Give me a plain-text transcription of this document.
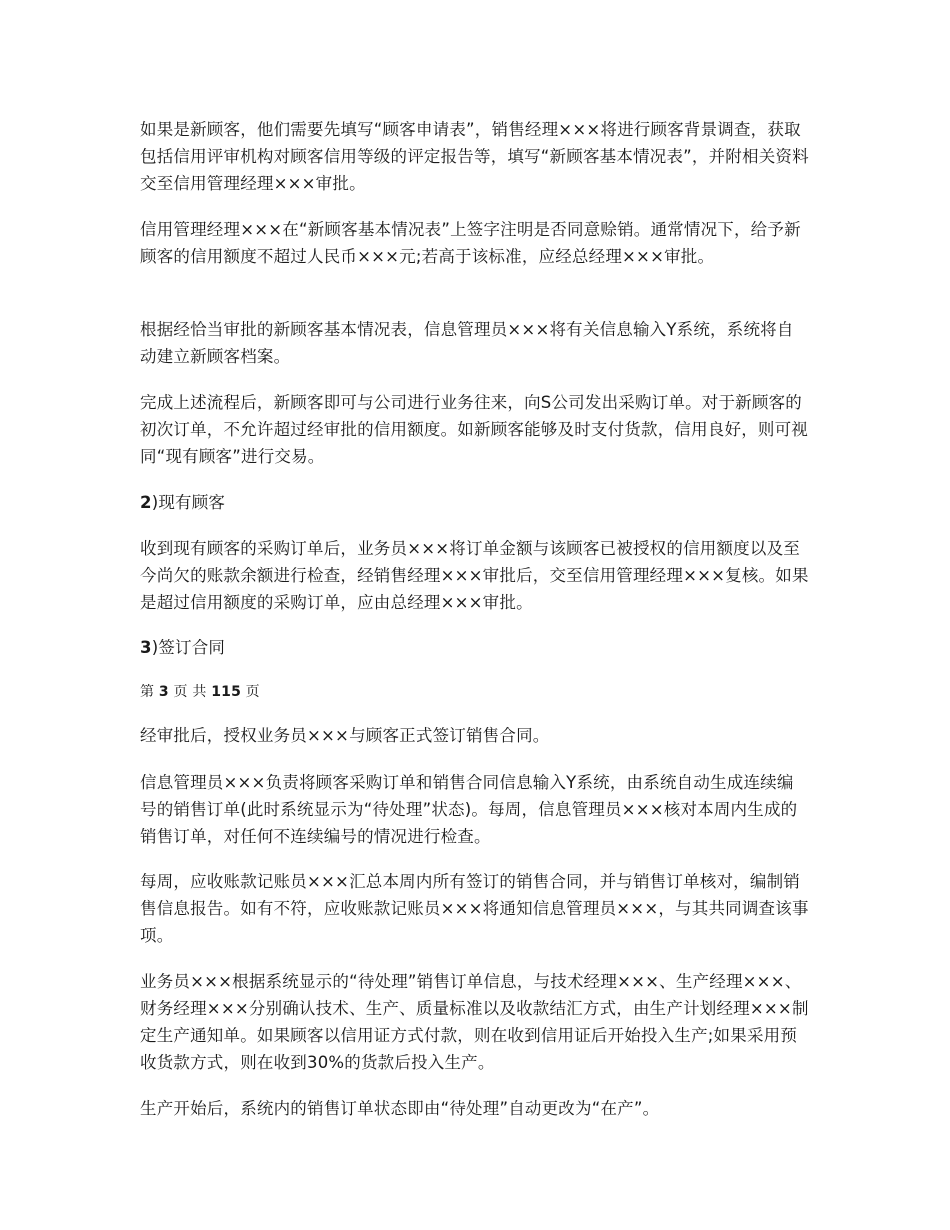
如果是新顾客，他们需要先填写“顾客申请表”，销售经理×××将进行顾客背景调查，获取包括信用评审机构对顾客信用等级的评定报告等，填写“新顾客基本情况表”，并附相关资料交至信用管理经理×××审批。

信用管理经理×××在“新顾客基本情况表”上签字注明是否同意赊销。通常情况下，给予新顾客的信用额度不超过人民币×××元;若高于该标准，应经总经理×××审批。

根据经恰当审批的新顾客基本情况表，信息管理员×××将有关信息输入Y系统，系统将自动建立新顾客档案。

完成上述流程后，新顾客即可与公司进行业务往来，向S公司发出采购订单。对于新顾客的初次订单，不允许超过经审批的信用额度。如新顾客能够及时支付货款，信用良好，则可视同“现有顾客”进行交易。

2)现有顾客

收到现有顾客的采购订单后，业务员×××将订单金额与该顾客已被授权的信用额度以及至今尚欠的账款余额进行检查，经销售经理×××审批后，交至信用管理经理×××复核。如果是超过信用额度的采购订单，应由总经理×××审批。

3)签订合同

第 3 页 共 115 页

经审批后，授权业务员×××与顾客正式签订销售合同。

信息管理员×××负责将顾客采购订单和销售合同信息输入Y系统，由系统自动生成连续编号的销售订单(此时系统显示为“待处理”状态)。每周，信息管理员×××核对本周内生成的销售订单，对任何不连续编号的情况进行检查。

每周，应收账款记账员×××汇总本周内所有签订的销售合同，并与销售订单核对，编制销售信息报告。如有不符，应收账款记账员×××将通知信息管理员×××，与其共同调查该事项。

业务员×××根据系统显示的“待处理”销售订单信息，与技术经理×××、生产经理×××、财务经理×××分别确认技术、生产、质量标准以及收款结汇方式，由生产计划经理×××制定生产通知单。如果顾客以信用证方式付款，则在收到信用证后开始投入生产;如果采用预收货款方式，则在收到30%的货款后投入生产。

生产开始后，系统内的销售订单状态即由“待处理”自动更改为“在产”。
